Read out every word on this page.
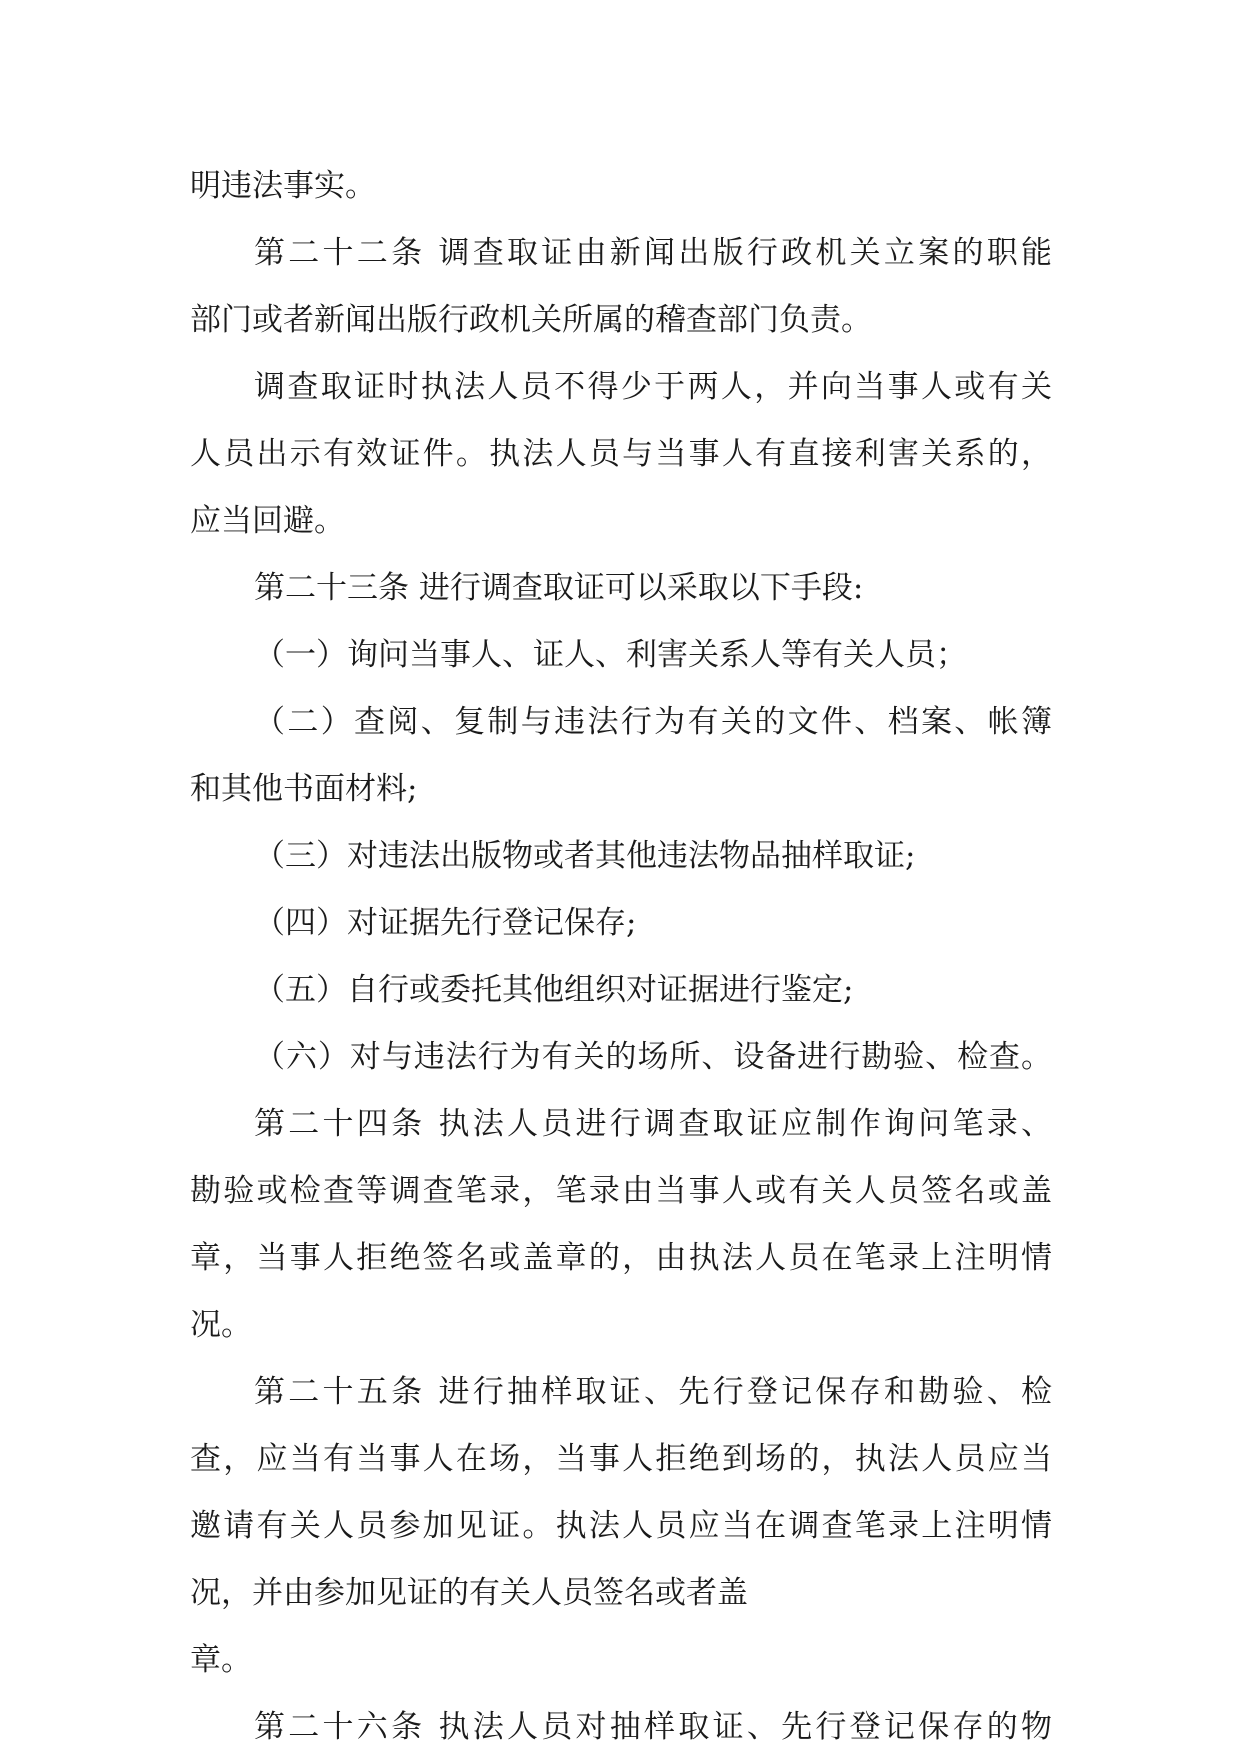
明违法事实。
第二十二条 调查取证由新闻出版行政机关立案的职能
部门或者新闻出版行政机关所属的稽查部门负责。
调查取证时执法人员不得少于两人，并向当事人或有关
人员出示有效证件。执法人员与当事人有直接利害关系的，
应当回避。
第二十三条 进行调查取证可以采取以下手段:
（一）询问当事人、证人、利害关系人等有关人员；
（二）查阅、复制与违法行为有关的文件、档案、帐簿
和其他书面材料;
（三）对违法出版物或者其他违法物品抽样取证;
（四）对证据先行登记保存;
（五）自行或委托其他组织对证据进行鉴定;
（六）对与违法行为有关的场所、设备进行勘验、检查。
第二十四条 执法人员进行调查取证应制作询问笔录、
勘验或检查等调查笔录，笔录由当事人或有关人员签名或盖
章，当事人拒绝签名或盖章的，由执法人员在笔录上注明情
况。
第二十五条 进行抽样取证、先行登记保存和勘验、检
查，应当有当事人在场，当事人拒绝到场的，执法人员应当
邀请有关人员参加见证。执法人员应当在调查笔录上注明情
况，并由参加见证的有关人员签名或者盖
章。
第二十六条 执法人员对抽样取证、先行登记保存的物
